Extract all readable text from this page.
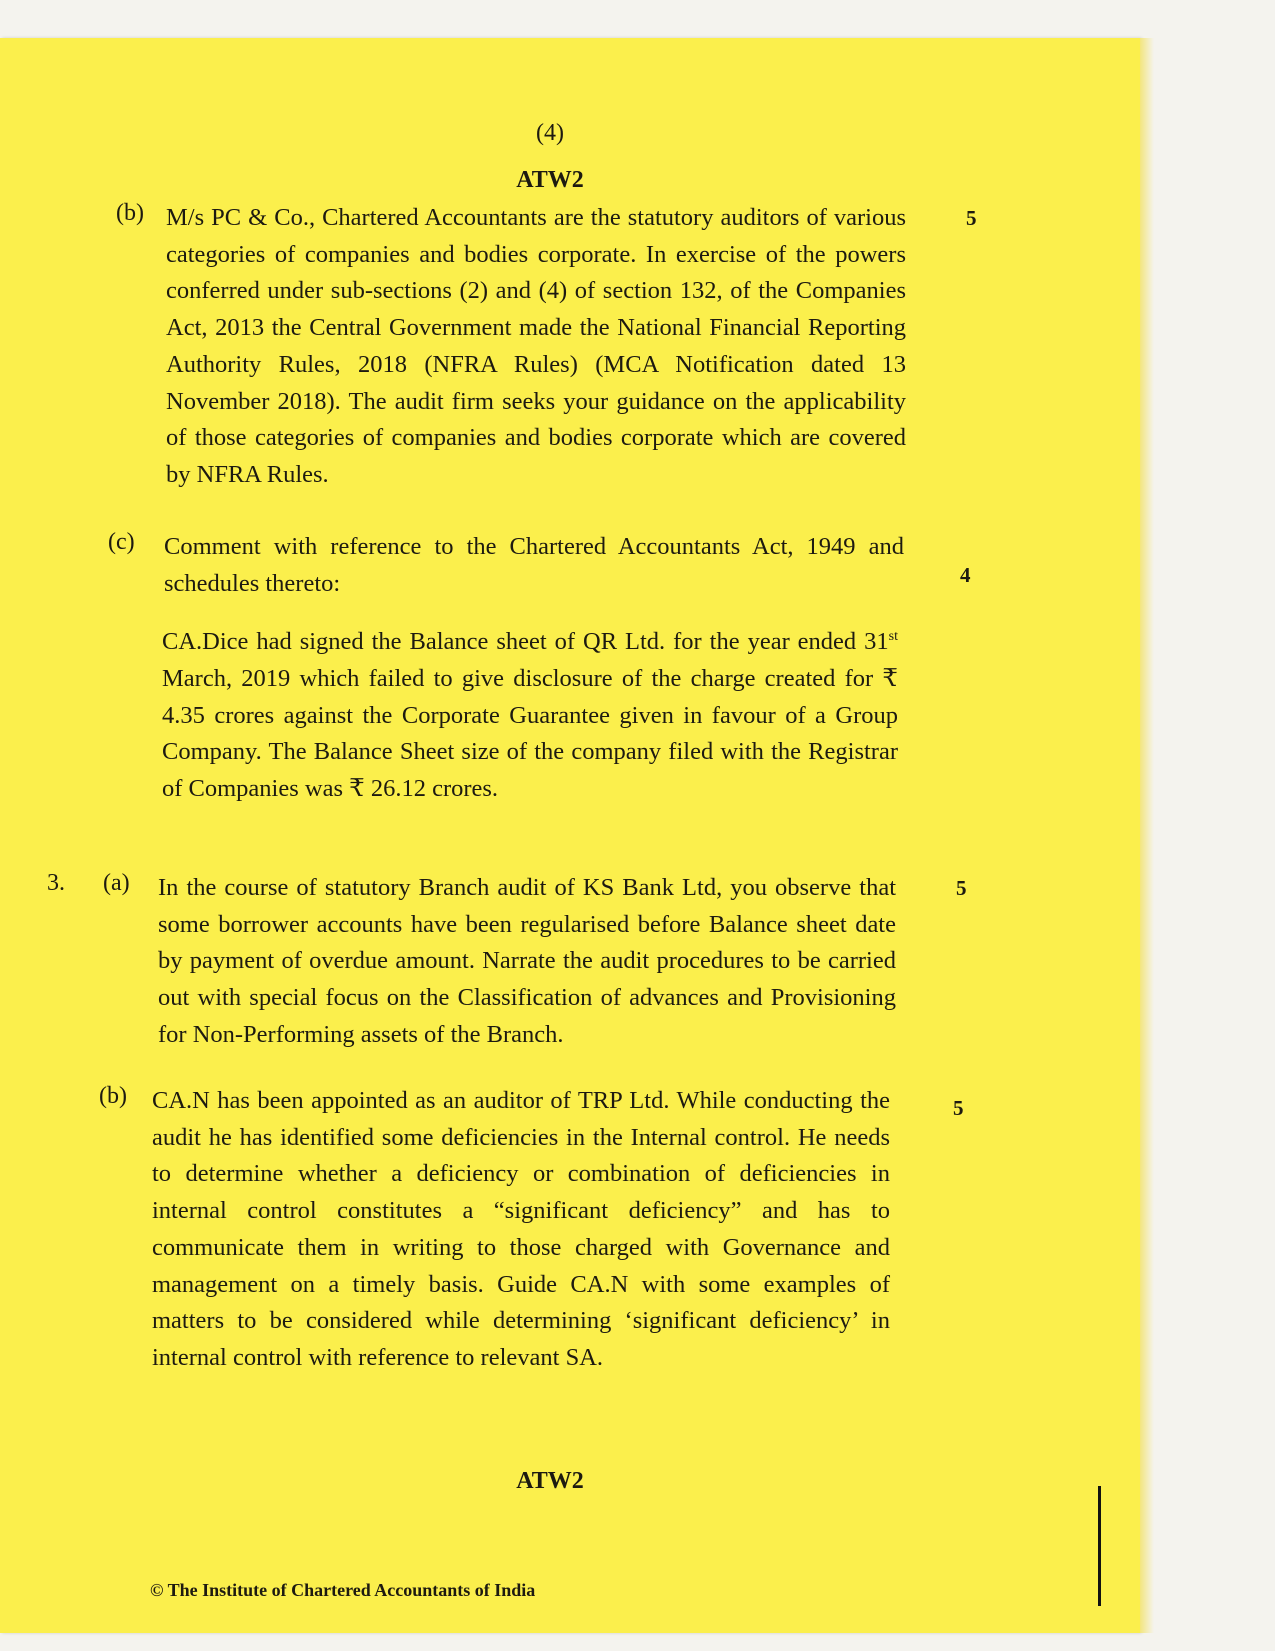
(4)
ATW2
(b) M/s PC & Co., Chartered Accountants are the statutory auditors of various categories of companies and bodies corporate. In exercise of the powers conferred under sub-sections (2) and (4) of section 132, of the Companies Act, 2013 the Central Government made the National Financial Reporting Authority Rules, 2018 (NFRA Rules) (MCA Notification dated 13 November 2018). The audit firm seeks your guidance on the applicability of those categories of companies and bodies corporate which are covered by NFRA Rules.
5
(c) Comment with reference to the Chartered Accountants Act, 1949 and schedules thereto:	4
CA.Dice had signed the Balance sheet of QR Ltd. for the year ended 31st March, 2019 which failed to give disclosure of the charge created for ₹ 4.35 crores against the Corporate Guarantee given in favour of a Group Company. The Balance Sheet size of the company filed with the Registrar of Companies was ₹ 26.12 crores.
3. (a) In the course of statutory Branch audit of KS Bank Ltd, you observe that some borrower accounts have been regularised before Balance sheet date by payment of overdue amount. Narrate the audit procedures to be carried out with special focus on the Classification of advances and Provisioning for Non-Performing assets of the Branch.
5
(b) CA.N has been appointed as an auditor of TRP Ltd. While conducting the audit he has identified some deficiencies in the Internal control. He needs to determine whether a deficiency or combination of deficiencies in internal control constitutes a “significant deficiency” and has to communicate them in writing to those charged with Governance and management on a timely basis. Guide CA.N with some examples of matters to be considered while determining ‘significant deficiency’ in internal control with reference to relevant SA.
5
ATW2
© The Institute of Chartered Accountants of India
